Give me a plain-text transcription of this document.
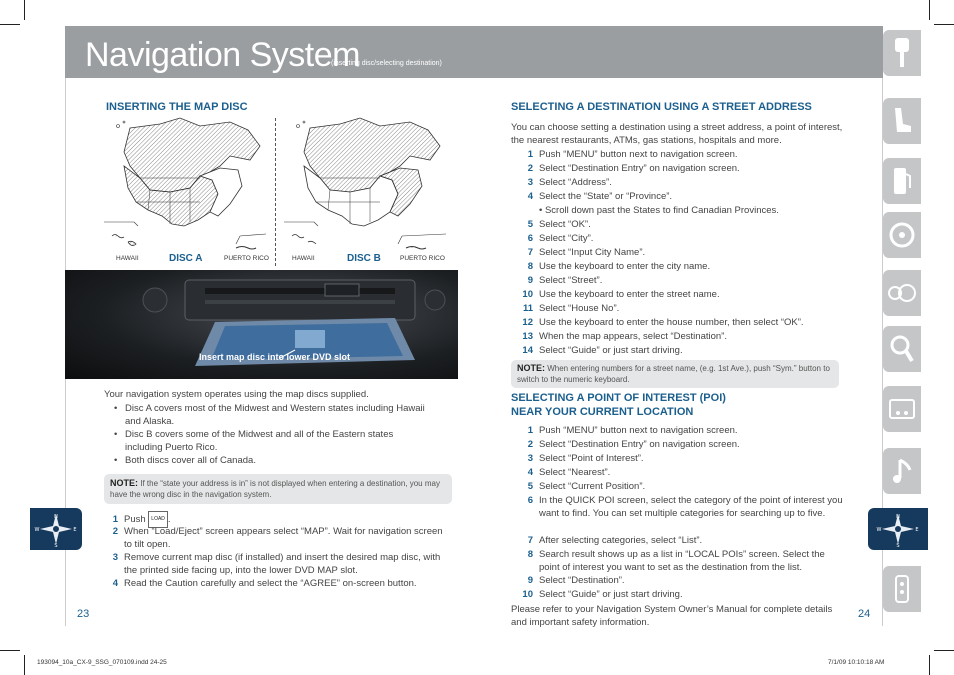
Navigation System
(inserting disc/selecting destination)
INSERTING THE MAP DISC
HAWAII	DISC A	PUERTO RICO	HAWAII	DISC B	PUERTO RICO
Insert map disc into lower DVD slot
Your navigation system operates using the map discs supplied.
• Disc A covers most of the Midwest and Western states including Hawaii and Alaska.
• Disc B covers some of the Midwest and all of the Eastern states including Puerto Rico.
• Both discs cover all of Canada.
NOTE: If the “state your address is in” is not displayed when entering a destination, you may have the wrong disc in the navigation system.
1 Push LOAD .
2 When “Load/Eject” screen appears select “MAP”. Wait for navigation screen to tilt open.
3 Remove current map disc (if installed) and insert the desired map disc, with the printed side facing up, into the lower DVD MAP slot.
4 Read the Caution carefully and select the “AGREE” on-screen button.
23
N
S
W	E
SELECTING A DESTINATION USING A STREET ADDRESS
You can choose setting a destination using a street address, a point of interest, the nearest restaurants, ATMs, gas stations, hospitals and more.
1 Push “MENU” button next to navigation screen.
2 Select “Destination Entry” on navigation screen.
3 Select “Address”.
4 Select the “State” or “Province”.
• Scroll down past the States to find Canadian Provinces.
5 Select “OK”.
6 Select “City”.
7 Select “Input City Name”.
8 Use the keyboard to enter the city name.
9 Select “Street”.
10 Use the keyboard to enter the street name.
11 Select “House No”.
12 Use the keyboard to enter the house number, then select “OK”.
13 When the map appears, select “Destination”.
14 Select “Guide” or just start driving.
NOTE: When entering numbers for a street name, (e.g. 1st Ave.), push “Sym.” button to switch to the numeric keyboard.
SELECTING A POINT OF INTEREST (POI)
NEAR YOUR CURRENT LOCATION
1 Push “MENU” button next to navigation screen.
2 Select “Destination Entry” on navigation screen.
3 Select “Point of Interest”.
4 Select “Nearest”.
5 Select “Current Position”.
6 In the QUICK POI screen, select the category of the point of interest you want to find. You can set multiple categories for searching up to five.
7 After selecting categories, select “List”.
8 Search result shows up as a list in “LOCAL POIs” screen. Select the point of interest you want to set as the destination from the list.
9 Select “Destination”.
10 Select “Guide” or just start driving.
Please refer to your Navigation System Owner’s Manual for complete details and important safety information.
24
N
S
W	E
193094_10a_CX-9_SSG_070109.indd 24-25	7/1/09 10:10:18 AM
